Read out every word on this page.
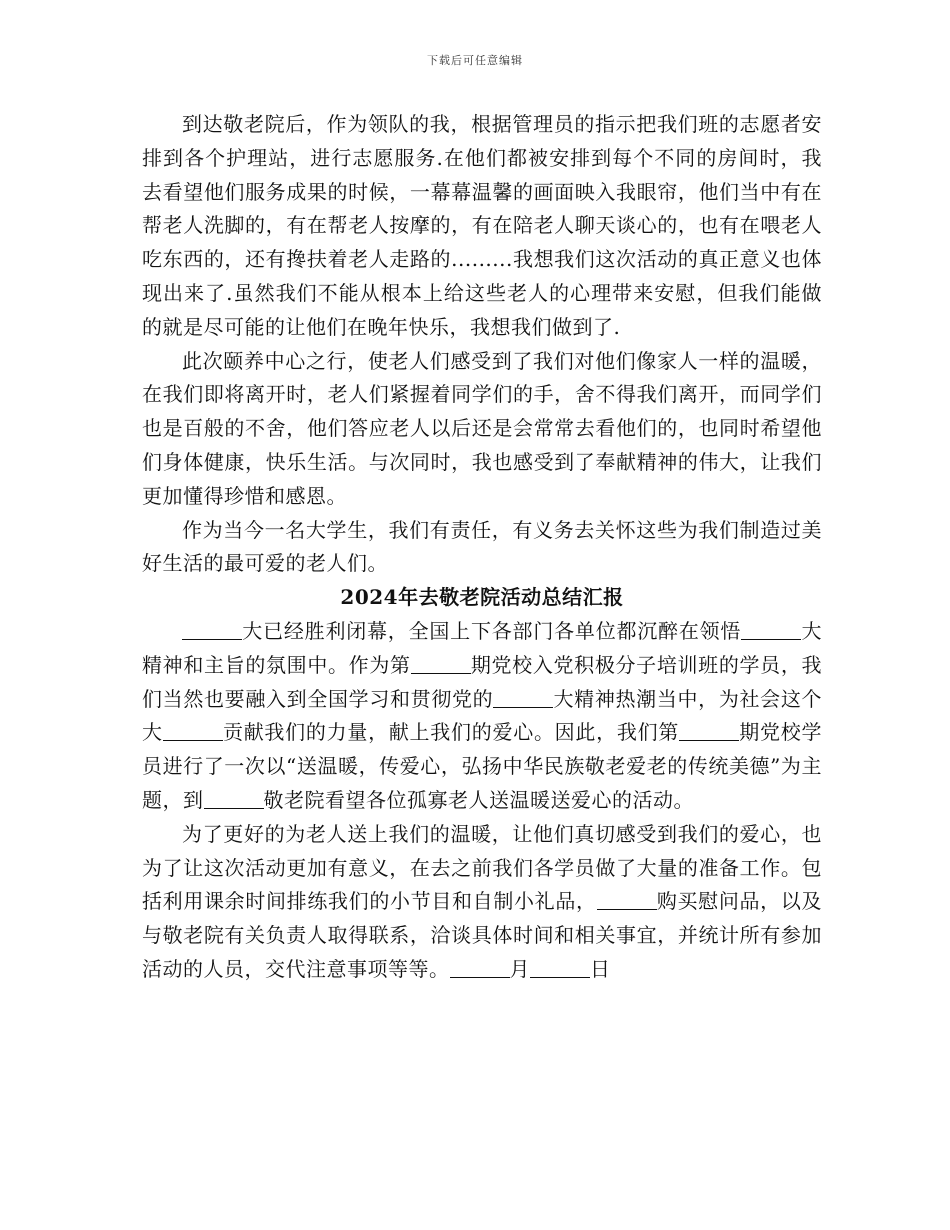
下载后可任意编辑

到达敬老院后，作为领队的我，根据管理员的指示把我们班的志愿者安排到各个护理站，进行志愿服务.在他们都被安排到每个不同的房间时，我去看望他们服务成果的时候，一幕幕温馨的画面映入我眼帘，他们当中有在帮老人洗脚的，有在帮老人按摩的，有在陪老人聊天谈心的，也有在喂老人吃东西的，还有搀扶着老人走路的.........我想我们这次活动的真正意义也体现出来了.虽然我们不能从根本上给这些老人的心理带来安慰，但我们能做的就是尽可能的让他们在晚年快乐，我想我们做到了.

此次颐养中心之行，使老人们感受到了我们对他们像家人一样的温暖，在我们即将离开时，老人们紧握着同学们的手，舍不得我们离开，而同学们也是百般的不舍，他们答应老人以后还是会常常去看他们的，也同时希望他们身体健康，快乐生活。与次同时，我也感受到了奉献精神的伟大，让我们更加懂得珍惜和感恩。

作为当今一名大学生，我们有责任，有义务去关怀这些为我们制造过美好生活的最可爱的老人们。

2024年去敬老院活动总结汇报

大已经胜利闭幕，全国上下各部门各单位都沉醉在领悟	大精神和主旨的氛围中。作为第	期党校入党积极分子培训班的学员，我们当然也要融入到全国学习和贯彻党的	大精神热潮当中，为社会这个大	贡献我们的力量，献上我们的爱心。因此，我们第	期党校学员进行了一次以“送温暖，传爱心，弘扬中华民族敬老爱老的传统美德”为主题，到	敬老院看望各位孤寡老人送温暖送爱心的活动。

为了更好的为老人送上我们的温暖，让他们真切感受到我们的爱心，也为了让这次活动更加有意义，在去之前我们各学员做了大量的准备工作。包括利用课余时间排练我们的小节目和自制小礼品，	购买慰问品，以及与敬老院有关负责人取得联系，洽谈具体时间和相关事宜，并统计所有参加活动的人员，交代注意事项等等。	月	日
